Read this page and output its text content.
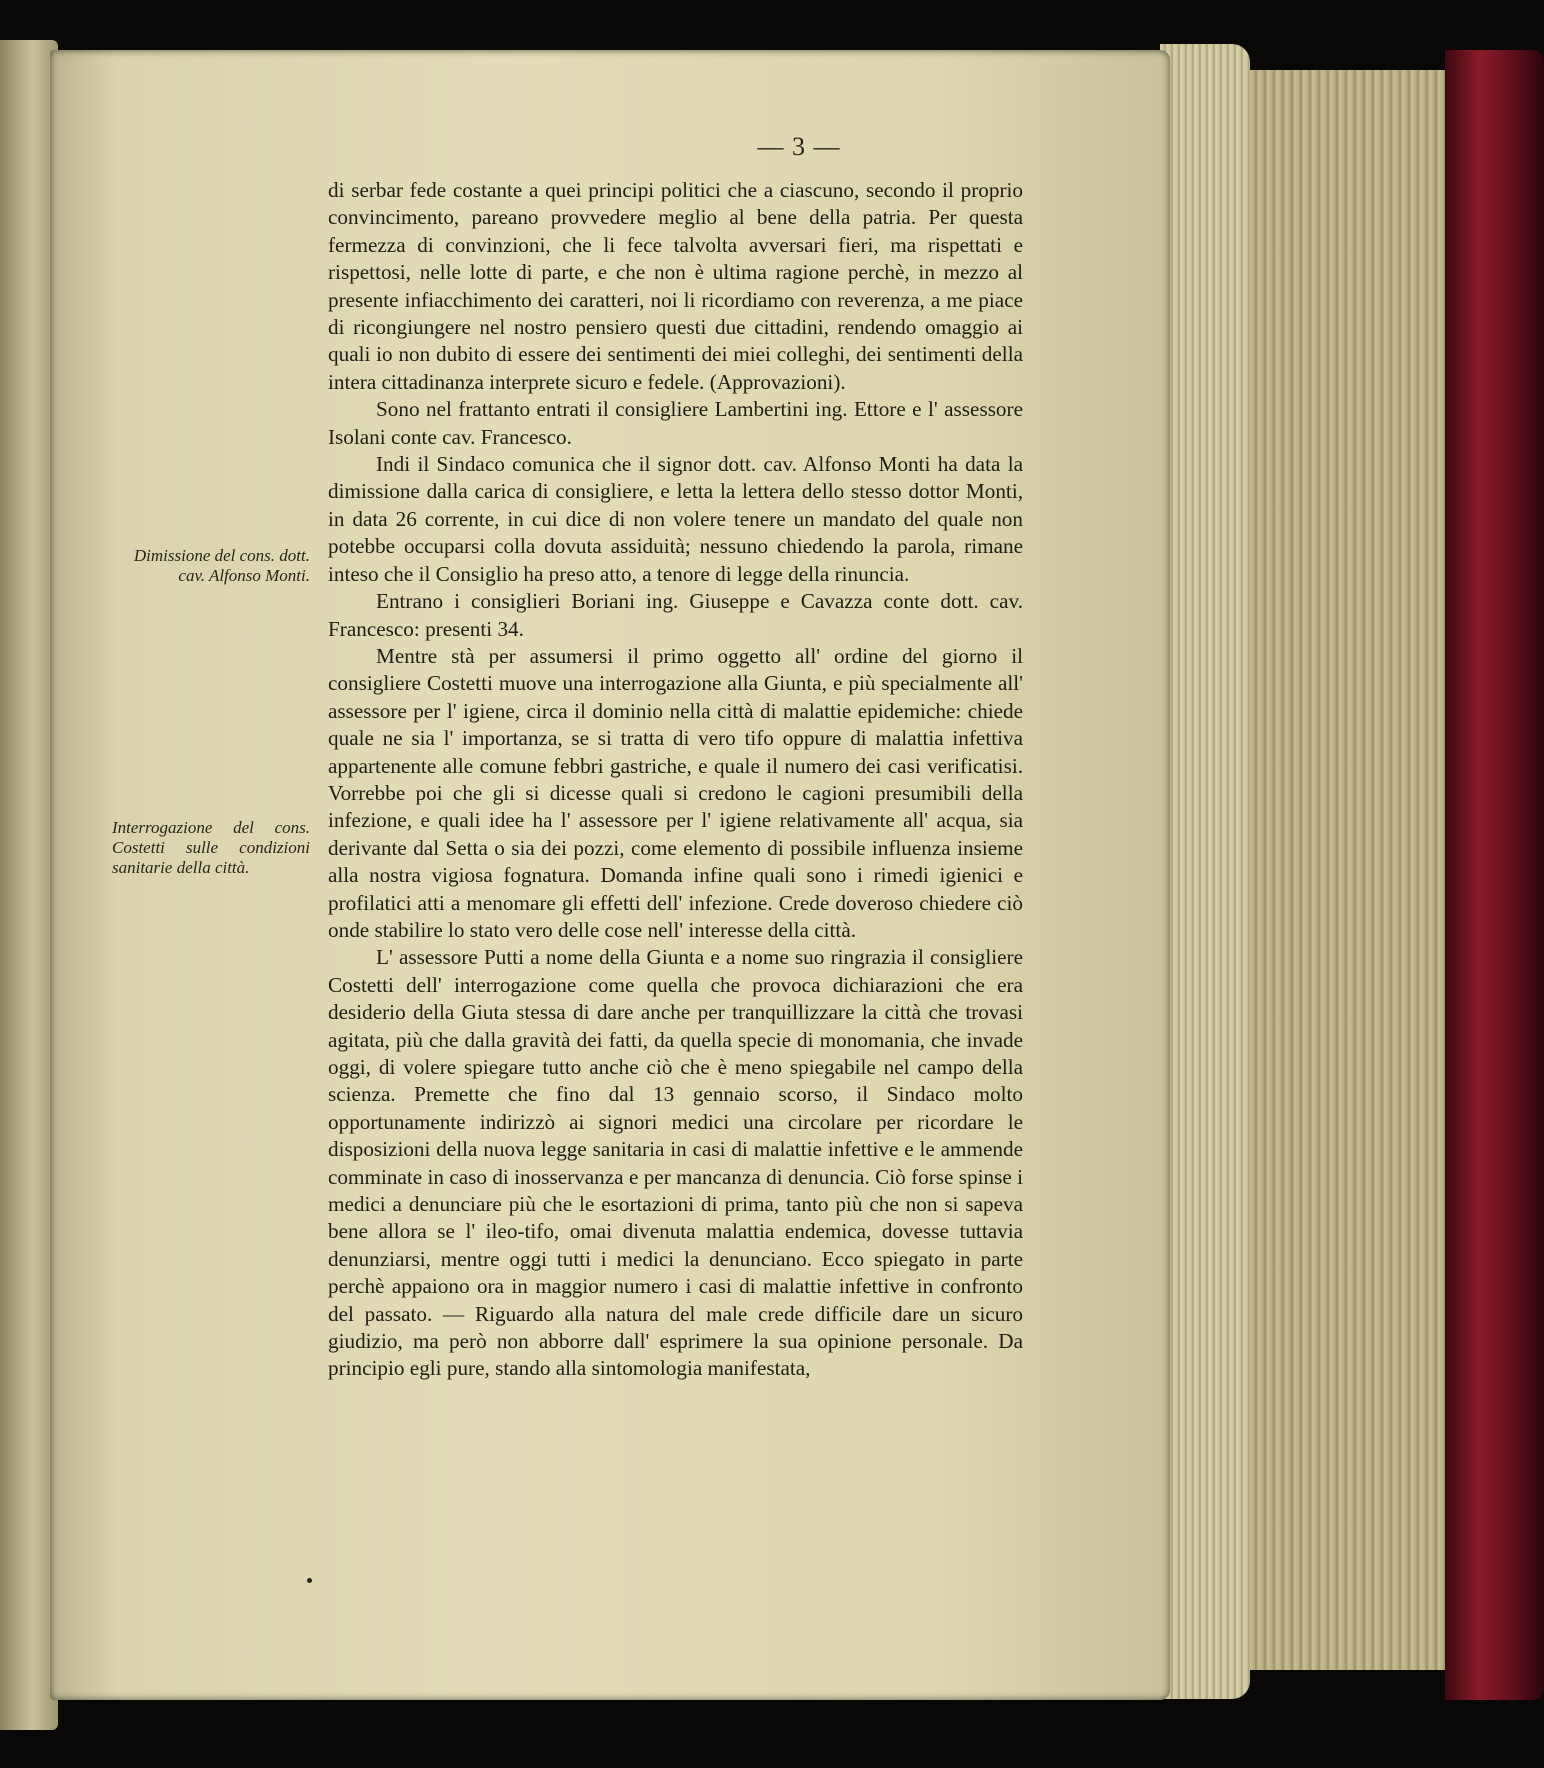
— 3 —
Dimissione del cons. dott. cav. Alfonso Monti.
Interrogazione del cons. Costetti sulle condizioni sanitarie della città.

di serbar fede costante a quei principi politici che a ciascuno, secondo il proprio convincimento, pareano provvedere meglio al bene della patria. Per questa fermezza di convinzioni, che li fece talvolta avversari fieri, ma rispettati e rispettosi, nelle lotte di parte, e che non è ultima ragione perchè, in mezzo al presente infiacchimento dei caratteri, noi li ricordiamo con reverenza, a me piace di ricongiungere nel nostro pensiero questi due cittadini, rendendo omaggio ai quali io non dubito di essere dei sentimenti dei miei colleghi, dei sentimenti della intera cittadinanza interprete sicuro e fedele. (Approvazioni).

Sono nel frattanto entrati il consigliere Lambertini ing. Ettore e l' assessore Isolani conte cav. Francesco.

Indi il Sindaco comunica che il signor dott. cav. Alfonso Monti ha data la dimissione dalla carica di consigliere, e letta la lettera dello stesso dottor Monti, in data 26 corrente, in cui dice di non volere tenere un mandato del quale non potebbe occuparsi colla dovuta assiduità; nessuno chiedendo la parola, rimane inteso che il Consiglio ha preso atto, a tenore di legge della rinuncia.

Entrano i consiglieri Boriani ing. Giuseppe e Cavazza conte dott. cav. Francesco: presenti 34.

Mentre stà per assumersi il primo oggetto all' ordine del giorno il consigliere Costetti muove una interrogazione alla Giunta, e più specialmente all' assessore per l' igiene, circa il dominio nella città di malattie epidemiche: chiede quale ne sia l' importanza, se si tratta di vero tifo oppure di malattia infettiva appartenente alle comune febbri gastriche, e quale il numero dei casi verificatisi. Vorrebbe poi che gli si dicesse quali si credono le cagioni presumibili della infezione, e quali idee ha l' assessore per l' igiene relativamente all' acqua, sia derivante dal Setta o sia dei pozzi, come elemento di possibile influenza insieme alla nostra vigiosa fognatura. Domanda infine quali sono i rimedi igienici e profilatici atti a menomare gli effetti dell' infezione. Crede doveroso chiedere ciò onde stabilire lo stato vero delle cose nell' interesse della città.

L' assessore Putti a nome della Giunta e a nome suo ringrazia il consigliere Costetti dell' interrogazione come quella che provoca dichiarazioni che era desiderio della Giuta stessa di dare anche per tranquillizzare la città che trovasi agitata, più che dalla gravità dei fatti, da quella specie di monomania, che invade oggi, di volere spiegare tutto anche ciò che è meno spiegabile nel campo della scienza. Premette che fino dal 13 gennaio scorso, il Sindaco molto opportunamente indirizzò ai signori medici una circolare per ricordare le disposizioni della nuova legge sanitaria in casi di malattie infettive e le ammende comminate in caso di inosservanza e per mancanza di denuncia. Ciò forse spinse i medici a denunciare più che le esortazioni di prima, tanto più che non si sapeva bene allora se l' ileo-tifo, omai divenuta malattia endemica, dovesse tuttavia denunziarsi, mentre oggi tutti i medici la denunciano. Ecco spiegato in parte perchè appaiono ora in maggior numero i casi di malattie infettive in confronto del passato. — Riguardo alla natura del male crede difficile dare un sicuro giudizio, ma però non abborre dall' esprimere la sua opinione personale. Da principio egli pure, stando alla sintomologia manifestata,
